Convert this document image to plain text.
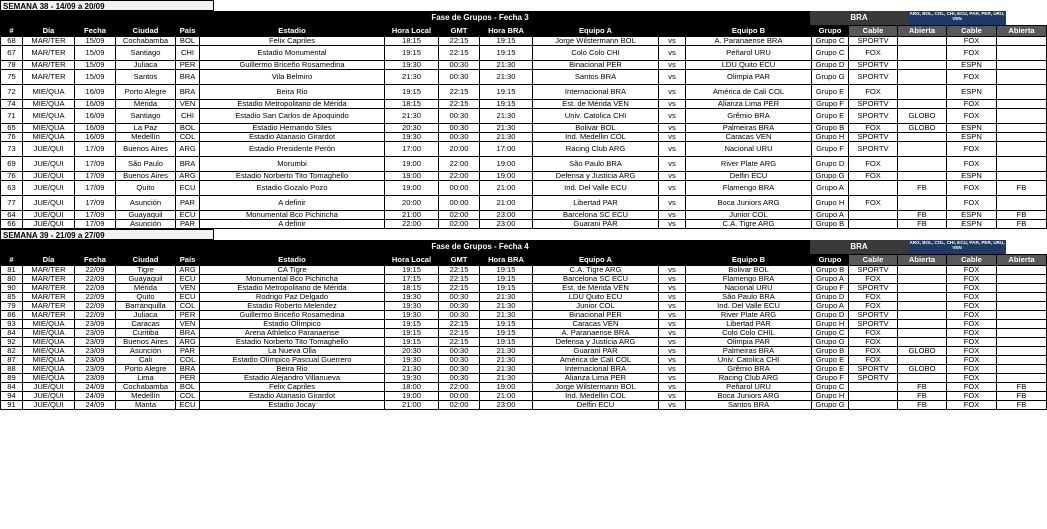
SEMANA 38 - 14/09 a 20/09
Fase de Grupos - Fecha 3	BRA	ARG, BOL, COL, CHI, ECU, PAR, PER, URU, VEN
#	Día	Fecha	Ciudad	País	Estadio	Hora Local	GMT	Hora BRA	Equipo A		Equipo B	Grupo	Cable	Abierta	Cable	Abierta
68	MAR/TER	15/09	Cochabamba	BOL	Felix Capriles	18:15	22:15	19:15	Jorge Wilstermann BOL	vs	A. Paranaense BRA	Grupo C	SPORTV		FOX	
67	MAR/TER	15/09	Santiago	CHI	Estadio Monumental	19:15	22:15	19:15	Colo Colo CHI	vs	Peñarol URU	Grupo C	FOX		FOX	
78	MAR/TER	15/09	Juliaca	PER	Guillermo Briceño Rosamedina	19:30	00:30	21:30	Binacional PER	vs	LDU Quito ECU	Grupo D	SPORTV		ESPN	
75	MAR/TER	15/09	Santos	BRA	Vila Belmiro	21:30	00:30	21:30	Santos BRA	vs	Olimpia PAR	Grupo G	SPORTV		FOX	
72	MIE/QUA	16/09	Porto Alegre	BRA	Beira Rio	19:15	22:15	19:15	Internacional BRA	vs	América de Cali COL	Grupo E	FOX		ESPN	
74	MIE/QUA	16/09	Mérida	VEN	Estadio Metropolitano de Mérida	18:15	22:15	19:15	Est. de Mérida VEN	vs	Alianza Lima PER	Grupo F	SPORTV		FOX	
71	MIE/QUA	16/09	Santiago	CHI	Estadio San Carlos de Apoquindo	21:30	00:30	21:30	Univ. Catolica CHI	vs	Grêmio BRA	Grupo E	SPORTV	GLOBO	FOX	
65	MIE/QUA	16/09	La Paz	BOL	Estadio Hernando Siles	20:30	00:30	21:30	Bolivar BOL	vs	Palmeiras BRA	Grupo B	FOX	GLOBO	ESPN	
76	MIE/QUA	16/09	Medellín	COL	Estadio Atanasio Girardot	19:30	00:30	21:30	Ind. Medellin COL	vs	Caracas VEN	Grupo H	SPORTV		ESPN	
73	JUE/QUI	17/09	Buenos Aires	ARG	Estadio Presidente Perón	17:00	20:00	17:00	Racing Club ARG	vs	Nacional URU	Grupo F	SPORTV		FOX	
69	JUE/QUI	17/09	São Paulo	BRA	Morumbi	19:00	22:00	19:00	São Paulo BRA	vs	River Plate ARG	Grupo D	FOX		FOX	
76	JUE/QUI	17/09	Buenos Aires	ARG	Estadio Norberto Tito Tomaghello	19:00	22:00	19:00	Defensa y Justicia ARG	vs	Delfin ECU	Grupo G	FOX		ESPN	
63	JUE/QUI	17/09	Quito	ECU	Estadio Gozalo Pozo	19:00	00:00	21:00	Ind. Del Valle ECU	vs	Flamengo BRA	Grupo A		FB	FOX	FB
77	JUE/QUI	17/09	Asunción	PAR	A definir	20:00	00:00	21:00	Libertad PAR	vs	Boca Juniors ARG	Grupo H	FOX		FOX	
64	JUE/QUI	17/09	Guayaquil	ECU	Monumental Bco Pichincha	21:00	02:00	23:00	Barcelona SC ECU	vs	Junior COL	Grupo A		FB	ESPN	FB
66	JUE/QUI	17/09	Asunción	PAR	A definir	22:00	02:00	23:00	Guarani PAR	vs	C.A. Tigre ARG	Grupo B		FB	ESPN	FB
SEMANA 39 - 21/09 a 27/09
Fase de Grupos - Fecha 4	BRA	ARG, BOL, COL, CHI, ECU, PAR, PER, URU, VEN
#	Día	Fecha	Ciudad	País	Estadio	Hora Local	GMT	Hora BRA	Equipo A		Equipo B	Grupo	Cable	Abierta	Cable	Abierta
81	MAR/TER	22/09	Tigre	ARG	CA Tigre	19:15	22:15	19:15	C.A. Tigre ARG	vs	Bolivar BOL	Grupo B	SPORTV		FOX	
80	MAR/TER	22/09	Guayaquil	ECU	Monumental Bco Pichincha	17:15	22:15	19:15	Barcelona SC ECU	vs	Flamengo BRA	Grupo A	FOX		FOX	
90	MAR/TER	22/09	Mérida	VEN	Estadio Metropolitano de Mérida	18:15	22:15	19:15	Est. de Mérida VEN	vs	Nacional URU	Grupo F	SPORTV		FOX	
85	MAR/TER	22/09	Quito	ECU	Rodrigo Paz Delgado	19:30	00:30	21:30	LDU Quito ECU	vs	São Paulo BRA	Grupo D	FOX		FOX	
79	MAR/TER	22/09	Barranquilla	COL	Estadio Roberto Melendez	19:30	00:30	21:30	Junior COL	vs	Ind. Del Valle ECU	Grupo A	FOX		FOX	
86	MAR/TER	22/09	Juliaca	PER	Guillermo Briceño Rosamedina	19:30	00:30	21:30	Binacional PER	vs	River Plate ARG	Grupo D	SPORTV		FOX	
93	MIE/QUA	23/09	Caracas	VEN	Estadio Olímpico	19:15	22:15	19:15	Caracas VEN	vs	Libertad PAR	Grupo H	SPORTV		FOX	
84	MIE/QUA	23/09	Curitiba	BRA	Arena Athletico Paranaense	19:15	22:15	19:15	A. Paranaense BRA	vs	Colo Colo CHIL	Grupo C	FOX		FOX	
92	MIE/QUA	23/09	Buenos Aires	ARG	Estadio Norberto Tito Tomaghello	19:15	22:15	19:15	Defensa y Justicia ARG	vs	Olimpia PAR	Grupo G	FOX		FOX	
82	MIE/QUA	23/09	Asunción	PAR	La Nueva Olla	20:30	00:30	21:30	Guarani PAR	vs	Palmeiras BRA	Grupo B	FOX	GLOBO	FOX	
87	MIE/QUA	23/09	Cali	COL	Estadio Olímpico Pascual Guerrero	19:30	00:30	21:30	América de Cali COL	vs	Univ. Catolica CHI	Grupo E	FOX		FOX	
88	MIE/QUA	23/09	Porto Alegre	BRA	Beira Rio	21:30	00:30	21:30	Internacional BRA	vs	Grêmio BRA	Grupo E	SPORTV	GLOBO	FOX	
89	MIE/QUA	23/09	Lima	PER	Estadio Alejandro Villanueva	19:30	00:30	21:30	Alianza Lima PER	vs	Racing Club ARG	Grupo F	SPORTV		FOX	
84	JUE/QUI	24/09	Cochabamba	BOL	Felix Capriles	18:00	22:00	19:00	Jorge Wilstermann BOL	vs	Peñarol URU	Grupo C		FB	FOX	FB
94	JUE/QUI	24/09	Medellín	COL	Estadio Atanasio Girardot	19:00	00:00	21:00	Ind. Medellin COL	vs	Boca Juniors ARG	Grupo H		FB	FOX	FB
91	JUE/QUI	24/09	Manta	ECU	Estadio Jocay	21:00	02:00	23:00	Delfin ECU	vs	Santos BRA	Grupo G		FB	FOX	FB
